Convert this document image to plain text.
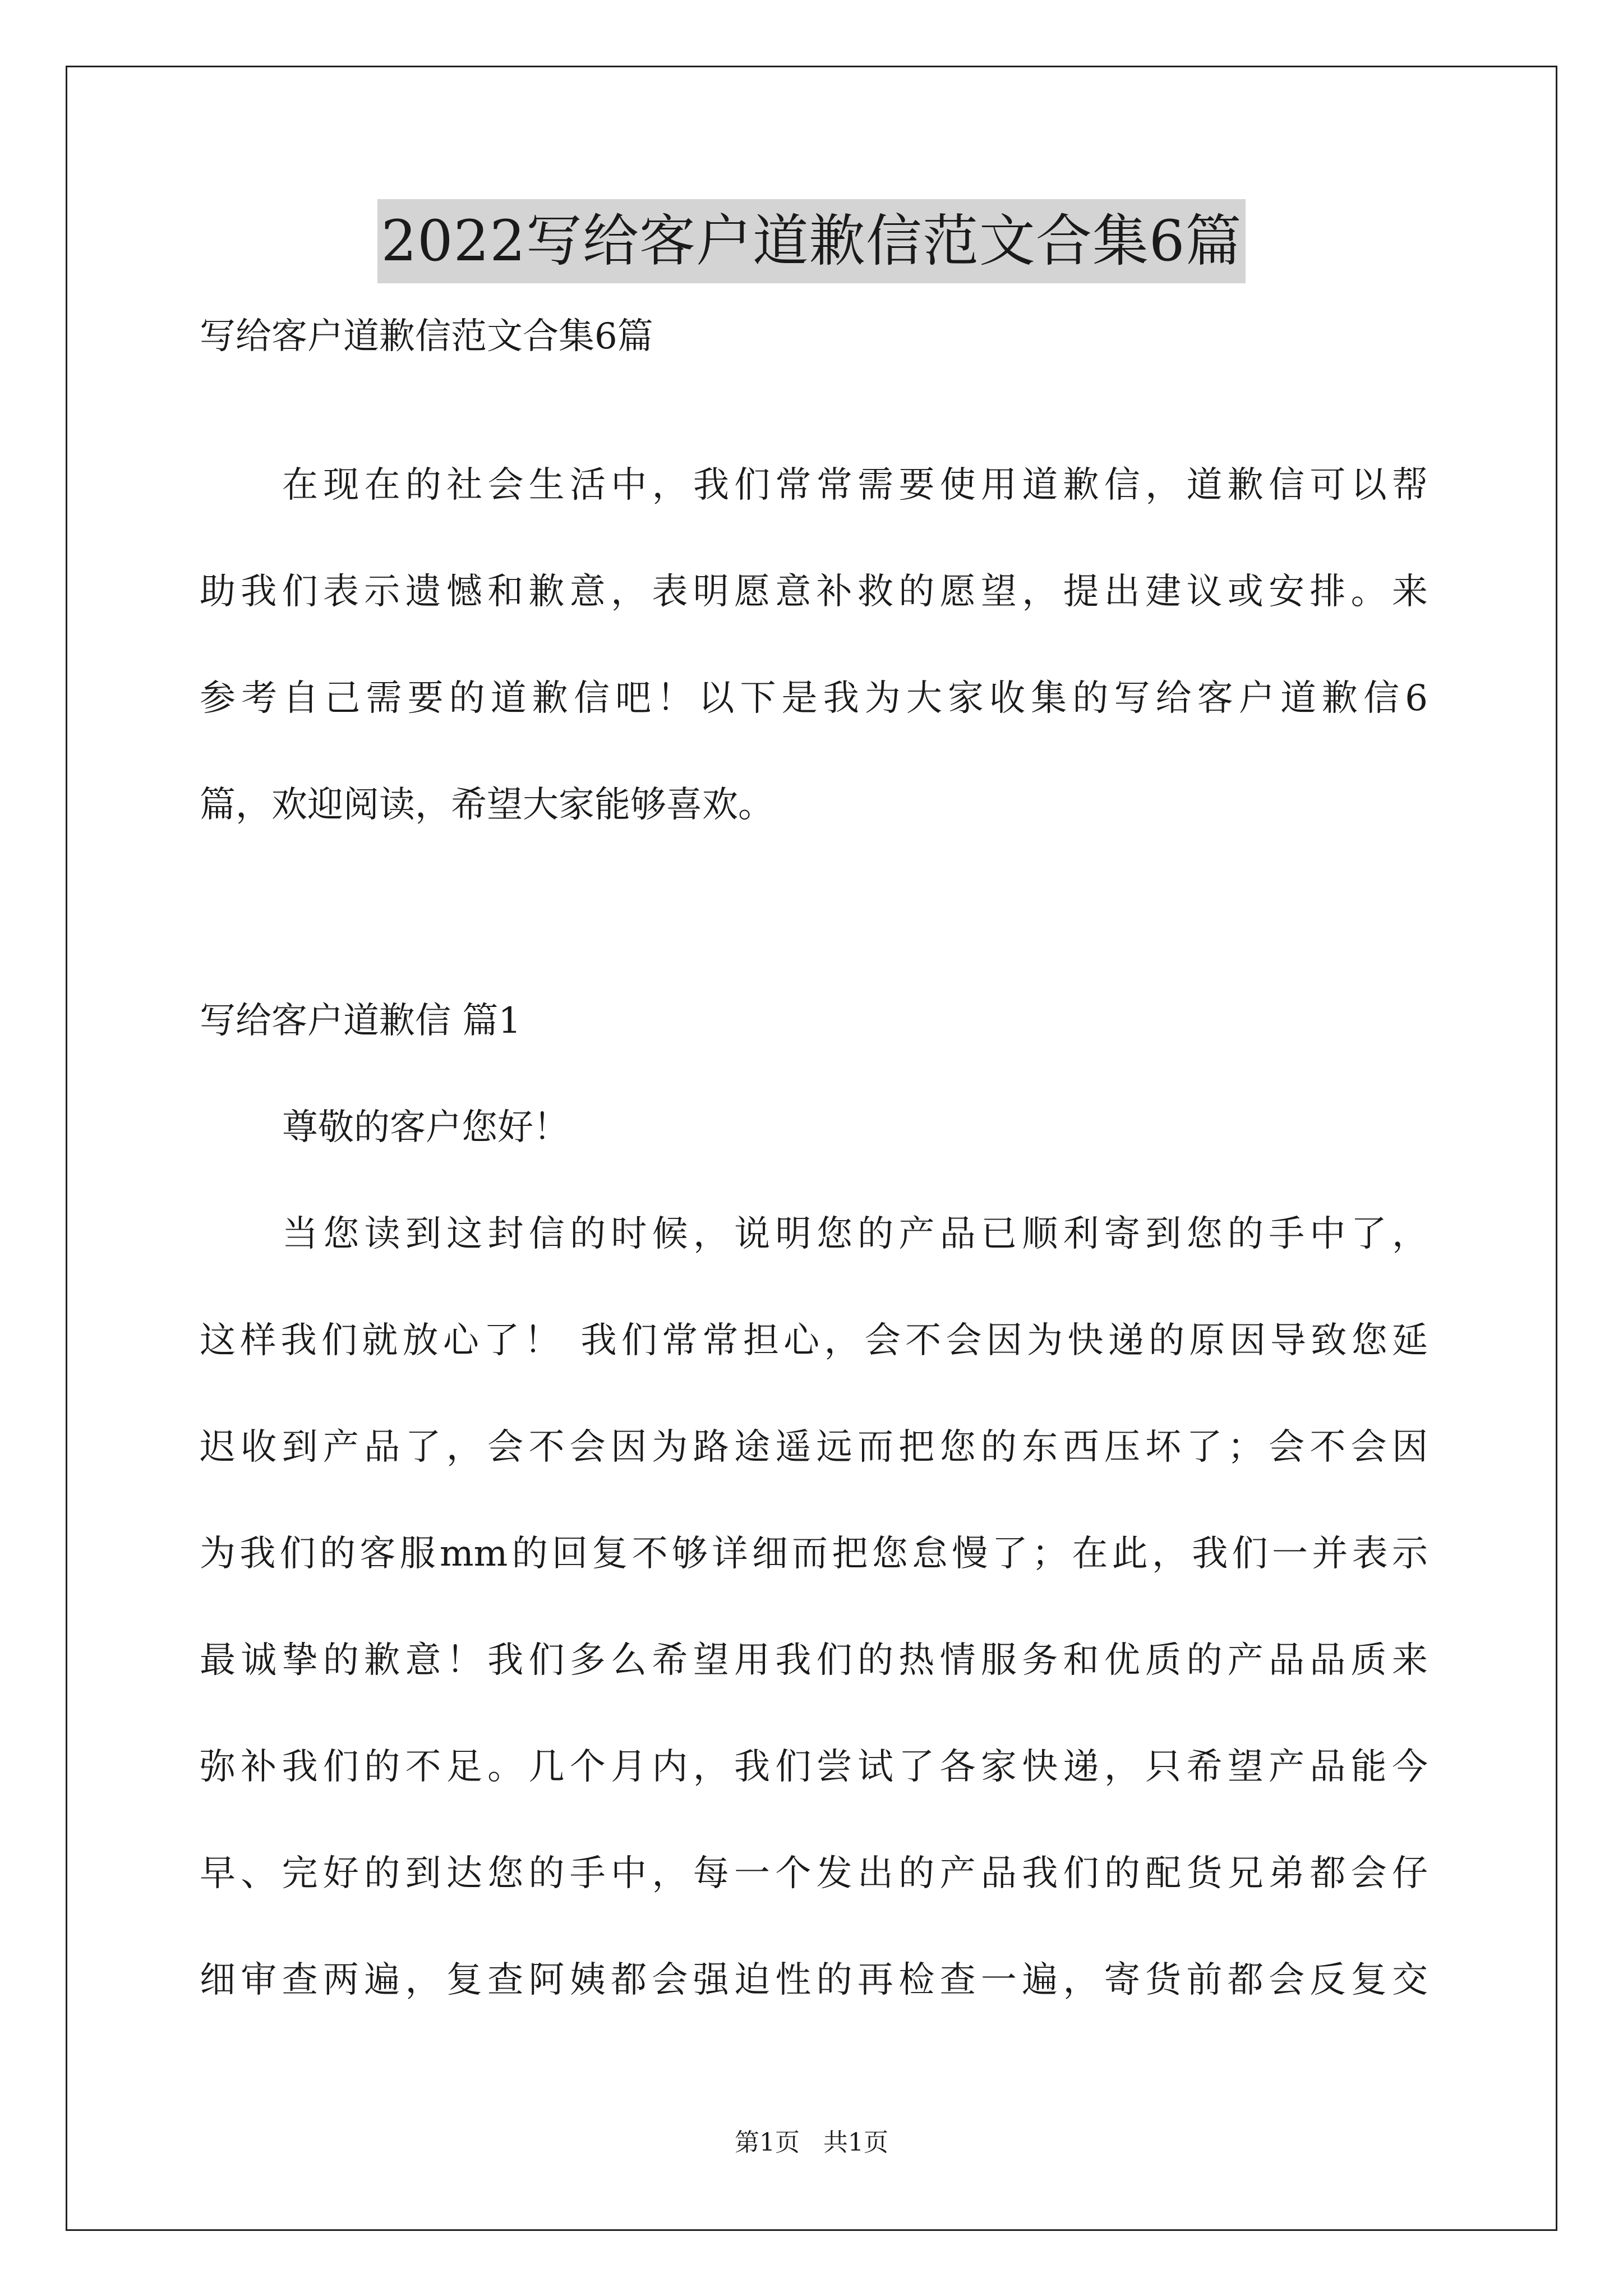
2022写给客户道歉信范文合集6篇
写给客户道歉信范文合集6篇
在现在的社会生活中，我们常常需要使用道歉信，道歉信可以帮
助我们表示遗憾和歉意，表明愿意补救的愿望，提出建议或安排。来
参考自己需要的道歉信吧！以下是我为大家收集的写给客户道歉信6
篇，欢迎阅读，希望大家能够喜欢。
写给客户道歉信 篇1
尊敬的客户您好！
当您读到这封信的时候，说明您的产品已顺利寄到您的手中了，
这样我们就放心了！ 我们常常担心，会不会因为快递的原因导致您延
迟收到产品了，会不会因为路途遥远而把您的东西压坏了；会不会因
为我们的客服mm的回复不够详细而把您怠慢了；在此，我们一并表示
最诚挚的歉意！我们多么希望用我们的热情服务和优质的产品品质来
弥补我们的不足。几个月内，我们尝试了各家快递，只希望产品能今
早、完好的到达您的手中，每一个发出的产品我们的配货兄弟都会仔
细审查两遍，复查阿姨都会强迫性的再检查一遍，寄货前都会反复交
第1页   共1页
